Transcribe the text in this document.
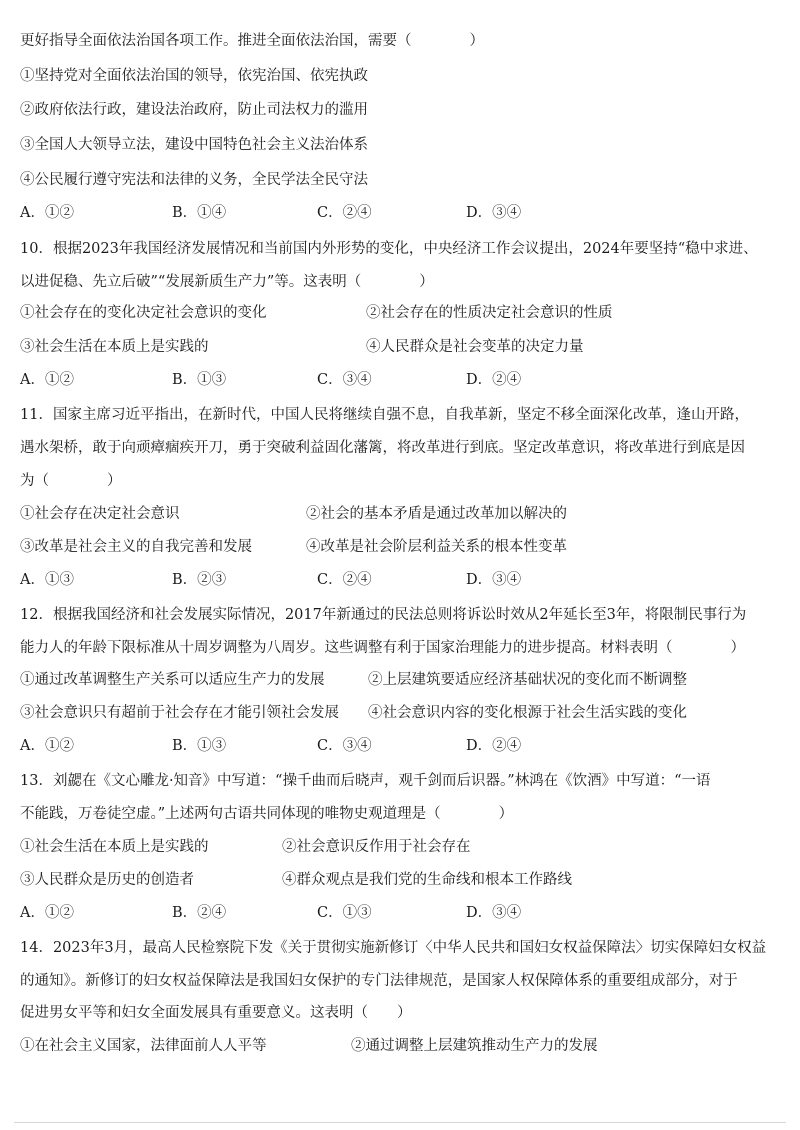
更好指导全面依法治国各项工作。推进全面依法治国，需要（　　　　）
①坚持党对全面依法治国的领导，依宪治国、依宪执政
②政府依法行政，建设法治政府，防止司法权力的滥用
③全国人大领导立法，建设中国特色社会主义法治体系
④公民履行遵守宪法和法律的义务，全民学法全民守法
A．①②	B．①④	C．②④	D．③④
10．根据2023年我国经济发展情况和当前国内外形势的变化，中央经济工作会议提出，2024年要坚持“稳中求进、
以进促稳、先立后破”“发展新质生产力”等。这表明（　　　　）
①社会存在的变化决定社会意识的变化	②社会存在的性质决定社会意识的性质
③社会生活在本质上是实践的	④人民群众是社会变革的决定力量
A．①②	B．①③	C．③④	D．②④
11．国家主席习近平指出，在新时代，中国人民将继续自强不息，自我革新，坚定不移全面深化改革，逢山开路，
遇水架桥，敢于向顽瘴痼疾开刀，勇于突破利益固化藩篱，将改革进行到底。坚定改革意识，将改革进行到底是因
为（　　　　）
①社会存在决定社会意识	②社会的基本矛盾是通过改革加以解决的
③改革是社会主义的自我完善和发展	④改革是社会阶层利益关系的根本性变革
A．①③	B．②③	C．②④	D．③④
12．根据我国经济和社会发展实际情况，2017年新通过的民法总则将诉讼时效从2年延长至3年，将限制民事行为
能力人的年龄下限标准从十周岁调整为八周岁。这些调整有利于国家治理能力的进步提高。材料表明（　　　　）
①通过改革调整生产关系可以适应生产力的发展	②上层建筑要适应经济基础状况的变化而不断调整
③社会意识只有超前于社会存在才能引领社会发展 ④社会意识内容的变化根源于社会生活实践的变化
A．①②	B．①③	C．③④	D．②④
13．刘勰在《文心雕龙·知音》中写道：“操千曲而后晓声，观千剑而后识器。”林鸿在《饮酒》中写道：“一语
不能践，万卷徒空虚。”上述两句古语共同体现的唯物史观道理是（　　　　）
①社会生活在本质上是实践的	②社会意识反作用于社会存在
③人民群众是历史的创造者	④群众观点是我们党的生命线和根本工作路线
A．①②	B．②④	C．①③	D．③④
14．2023年3月，最高人民检察院下发《关于贯彻实施新修订〈中华人民共和国妇女权益保障法〉切实保障妇女权益
的通知》。新修订的妇女权益保障法是我国妇女保护的专门法律规范，是国家人权保障体系的重要组成部分，对于
促进男女平等和妇女全面发展具有重要意义。这表明（　　）
①在社会主义国家，法律面前人人平等	②通过调整上层建筑推动生产力的发展
